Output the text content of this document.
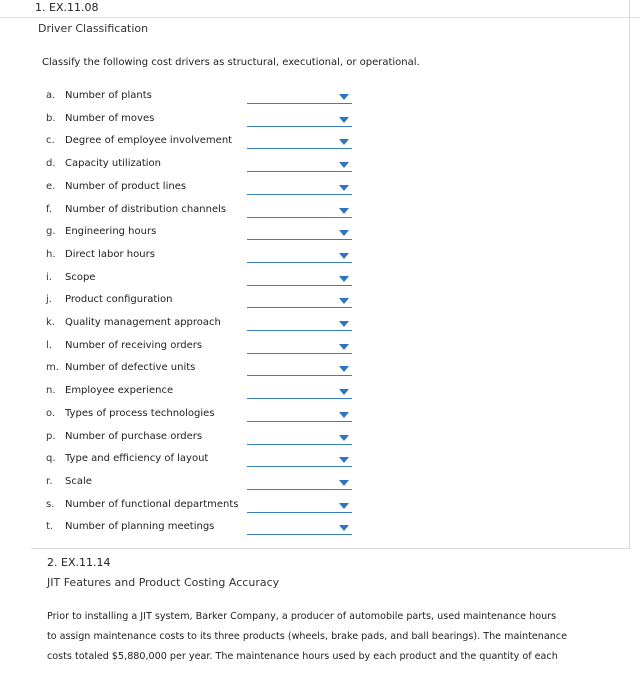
1. EX.11.08
Driver Classification
Classify the following cost drivers as structural, executional, or operational.
a. Number of plants
b. Number of moves
c.	Degree of employee involvement
d. Capacity utilization
e. Number of product lines
f.	Number of distribution channels
g. Engineering hours
h. Direct labor hours
i.	Scope
j.	Product configuration
k.	Quality management approach
l.	Number of receiving orders
m. Number of defective units
n. Employee experience
o. Types of process technologies
p. Number of purchase orders
q. Type and efficiency of layout
r.	Scale
s.	Number of functional departments
t.	Number of planning meetings
2. EX.11.14
JIT Features and Product Costing Accuracy
Prior to installing a JIT system, Barker Company, a producer of automobile parts, used maintenance hours
to assign maintenance costs to its three products (wheels, brake pads, and ball bearings). The maintenance
costs totaled $5,880,000 per year. The maintenance hours used by each product and the quantity of each
